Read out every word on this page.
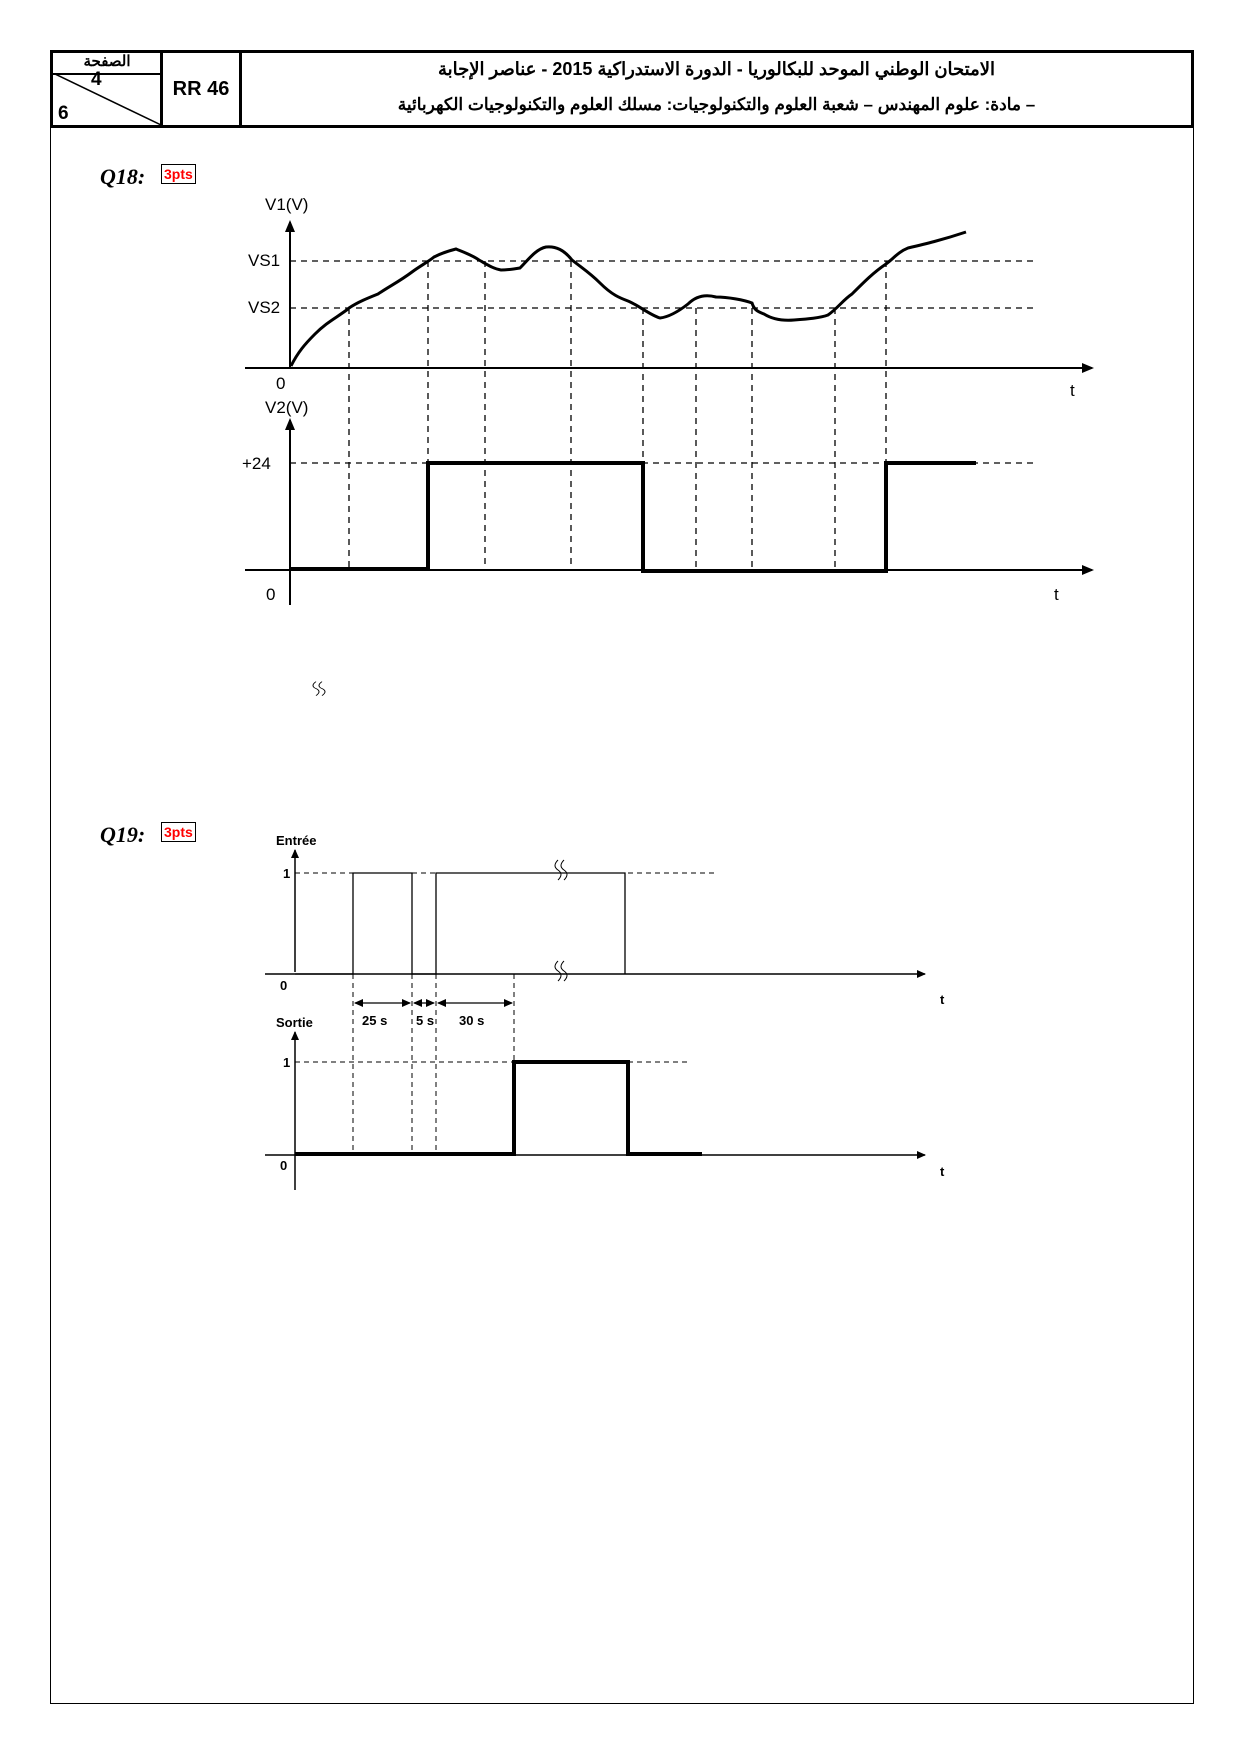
الصفحة
4
6
RR 46
الامتحان الوطني الموحد للبكالوريا - الدورة الاستدراكية 2015 - عناصر الإجابة
– مادة: علوم المهندس – شعبة العلوم والتكنولوجيات: مسلك العلوم والتكنولوجيات الكهربائية
Q18: 3pts
Q19: 3pts
V1(V)
VS1
VS2
0	t
V2(V)
+24
0	t
Entrée
1
0
t
25 s 5 s 30 s
Sortie
1
0	t
